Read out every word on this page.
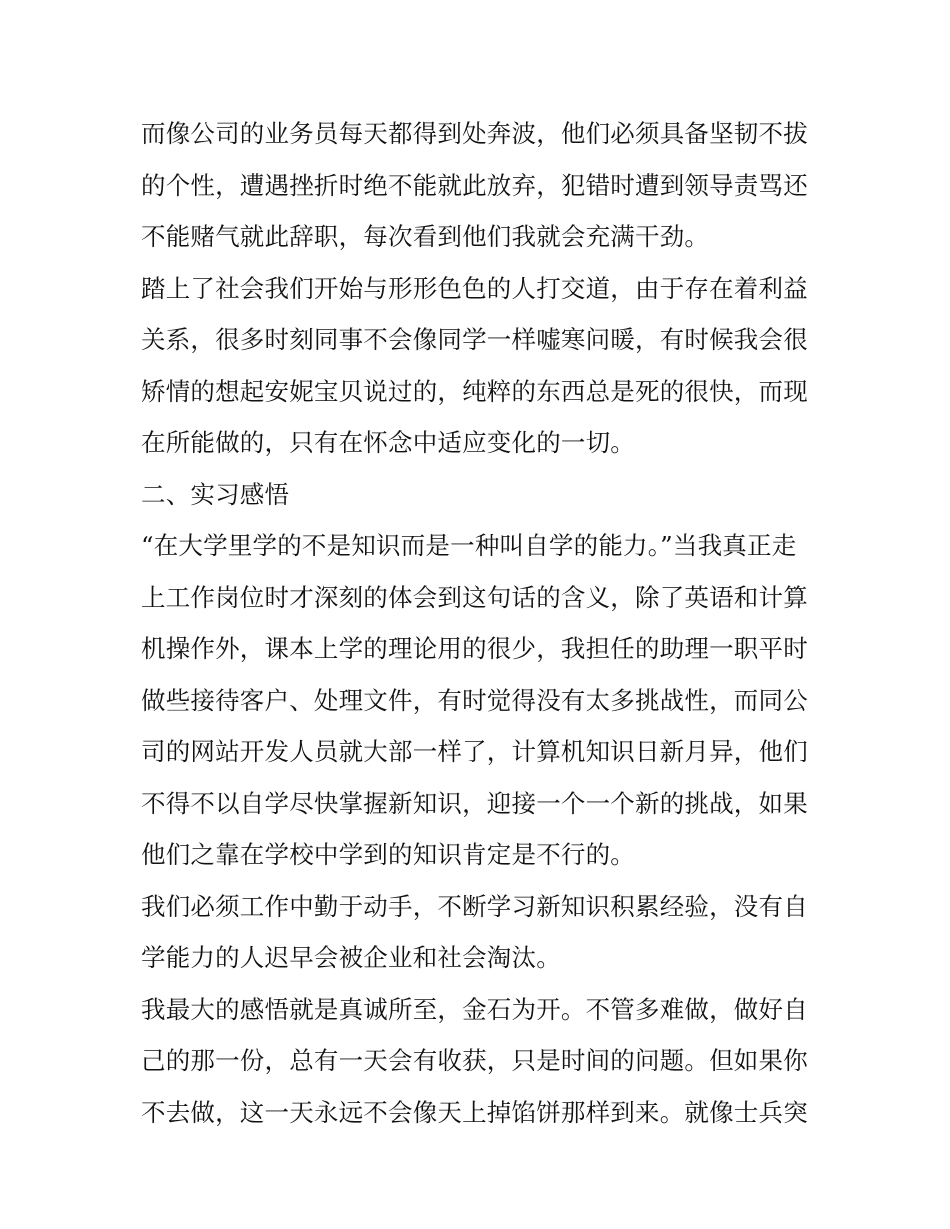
而像公司的业务员每天都得到处奔波，他们必须具备坚韧不拔
的个性，遭遇挫折时绝不能就此放弃，犯错时遭到领导责骂还
不能赌气就此辞职，每次看到他们我就会充满干劲。
踏上了社会我们开始与形形色色的人打交道，由于存在着利益
关系，很多时刻同事不会像同学一样嘘寒问暖，有时候我会很
矫情的想起安妮宝贝说过的，纯粹的东西总是死的很快，而现
在所能做的，只有在怀念中适应变化的一切。
二、实习感悟
“在大学里学的不是知识而是一种叫自学的能力。”当我真正走
上工作岗位时才深刻的体会到这句话的含义，除了英语和计算
机操作外，课本上学的理论用的很少，我担任的助理一职平时
做些接待客户、处理文件，有时觉得没有太多挑战性，而同公
司的网站开发人员就大部一样了，计算机知识日新月异，他们
不得不以自学尽快掌握新知识，迎接一个一个新的挑战，如果
他们之靠在学校中学到的知识肯定是不行的。
我们必须工作中勤于动手，不断学习新知识积累经验，没有自
学能力的人迟早会被企业和社会淘汰。
我最大的感悟就是真诚所至，金石为开。不管多难做，做好自
己的那一份，总有一天会有收获，只是时间的问题。但如果你
不去做，这一天永远不会像天上掉馅饼那样到来。就像士兵突
